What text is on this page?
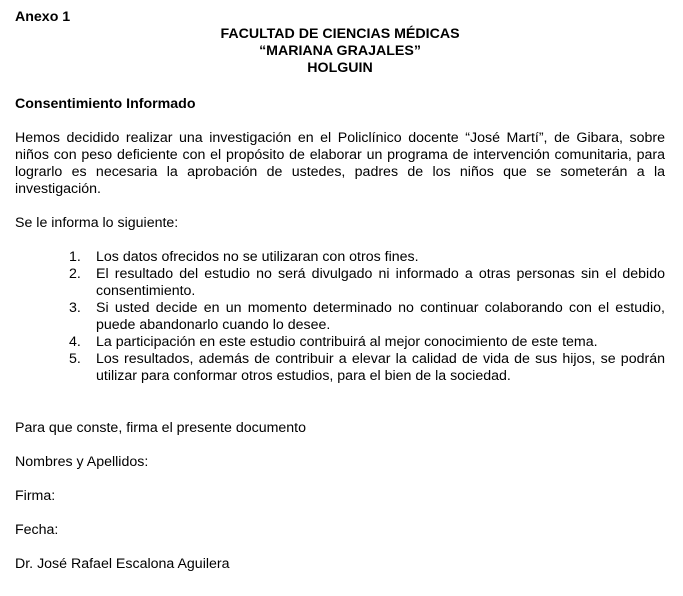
Anexo 1

FACULTAD DE CIENCIAS MÉDICAS
“MARIANA GRAJALES”
HOLGUIN

Consentimiento Informado

Hemos decidido realizar una investigación en el Policlínico docente “José Martí”, de Gibara, sobre niños con peso deficiente con el propósito de elaborar un programa de intervención comunitaria, para lograrlo es necesaria la aprobación de ustedes, padres de los niños que se someterán a la investigación.

Se le informa lo siguiente:

1. Los datos ofrecidos no se utilizaran con otros fines.
2. El resultado del estudio no será divulgado ni informado a otras personas sin el debido consentimiento.
3. Si usted decide en un momento determinado no continuar colaborando con el estudio, puede abandonarlo cuando lo desee.
4. La participación en este estudio contribuirá al mejor conocimiento de este tema.
5. Los resultados, además de contribuir a elevar la calidad de vida de sus hijos, se podrán utilizar para conformar otros estudios, para el bien de la sociedad.

Para que conste, firma el presente documento

Nombres y Apellidos:

Firma:

Fecha:

Dr. José Rafael Escalona Aguilera
